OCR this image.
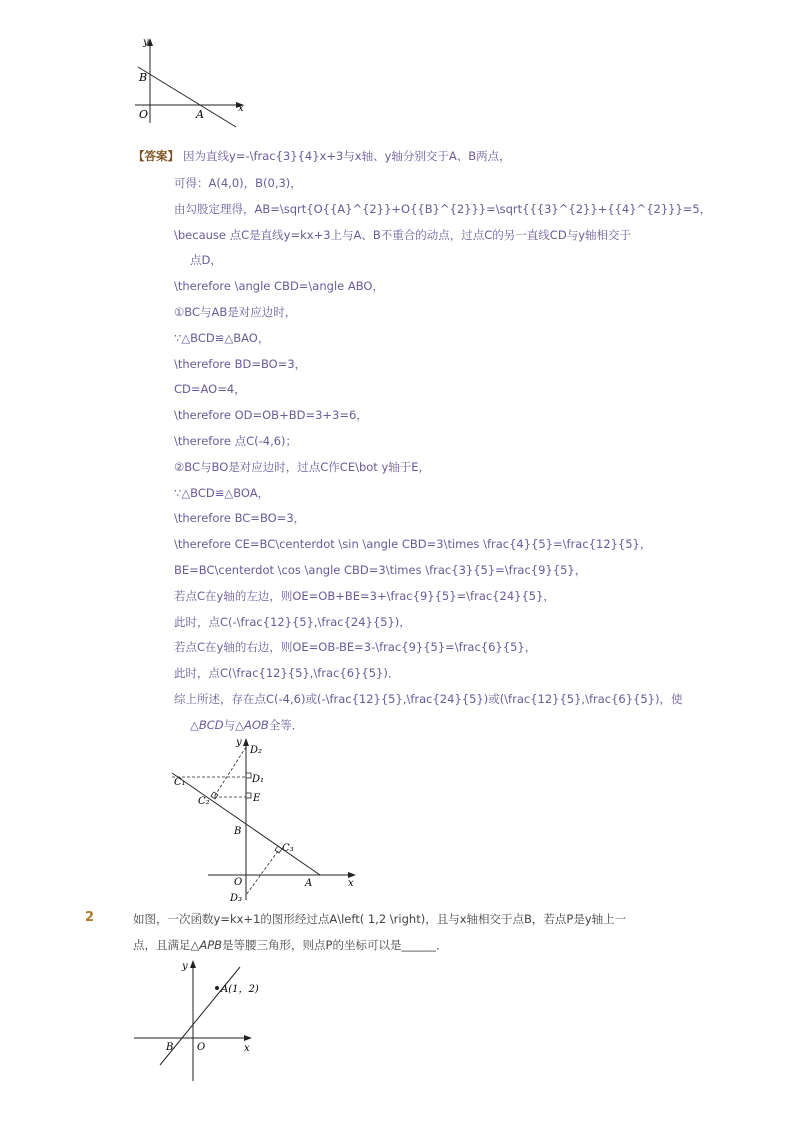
y
x
B
O	A
【答案】 因为直线y=-\frac{3}{4}x+3与x轴、y轴分别交于A、B两点，
可得：A(4,0)，B(0,3)，
由勾股定理得，AB=\sqrt{O{{A}^{2}}+O{{B}^{2}}}=\sqrt{{{3}^{2}}+{{4}^{2}}}=5，
\because 点C是直线y=kx+3上与A、B不重合的动点，过点C的另一直线CD与y轴相交于
点D，
\therefore \angle CBD=\angle ABO，
①BC与AB是对应边时，
∵△BCD≌△BAO，
\therefore BD=BO=3，
CD=AO=4，
\therefore OD=OB+BD=3+3=6，
\therefore 点C(-4,6)；
②BC与BO是对应边时，过点C作CE\bot y轴于E，
∵△BCD≌△BOA，
\therefore BC=BO=3，
\therefore CE=BC\centerdot \sin \angle CBD=3\times \frac{4}{5}=\frac{12}{5}，
BE=BC\centerdot \cos \angle CBD=3\times \frac{3}{5}=\frac{9}{5}，
若点C在y轴的左边，则OE=OB+BE=3+\frac{9}{5}=\frac{24}{5}，
此时，点C(-\frac{12}{5},\frac{24}{5})，
若点C在y轴的右边，则OE=OB-BE=3-\frac{9}{5}=\frac{6}{5}，
此时，点C(\frac{12}{5},\frac{6}{5})．
综上所述，存在点C(-4,6)或(-\frac{12}{5},\frac{24}{5})或(\frac{12}{5},\frac{6}{5})，使
△BCD与△AOB全等．
y
D₂
D₁
C₁
C₂	E
B
C₃
O	A	x
D₃
2	如图，一次函数y=kx+1的图形经过点A\left( 1,2 \right)，且与x轴相交于点B，若点P是y轴上一
点，且满足△APB是等腰三角形，则点P的坐标可以是______．
y
A(1，2)
B O	x
